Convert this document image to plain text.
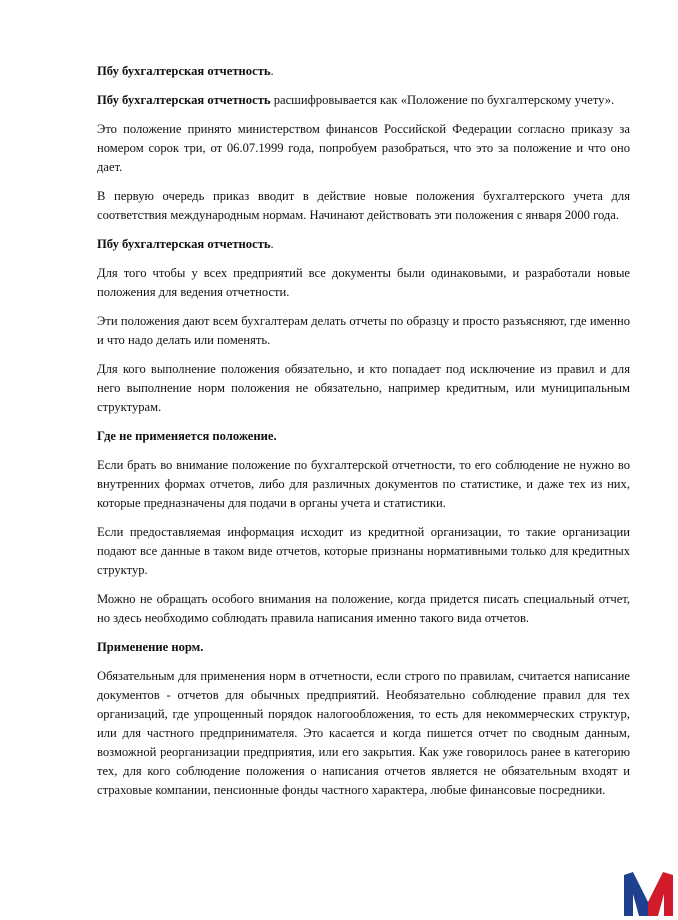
Пбу бухгалтерская отчетность.

Пбу бухгалтерская отчетность расшифровывается как «Положение по бухгалтерскому учету».

Это положение принято министерством финансов Российской Федерации согласно приказу за номером сорок три, от 06.07.1999 года, попробуем разобраться, что это за положение и что оно дает.

В первую очередь приказ вводит в действие новые положения бухгалтерского учета для соответствия международным нормам. Начинают действовать эти положения с января 2000 года.

Пбу бухгалтерская отчетность.

Для того чтобы у всех предприятий все документы были одинаковыми, и разработали новые положения для ведения отчетности.

Эти положения дают всем бухгалтерам делать отчеты по образцу и просто разъясняют, где именно и что надо делать или поменять.

Для кого выполнение положения обязательно, и кто попадает под исключение из правил и для него выполнение норм положения не обязательно, например кредитным, или муниципальным структурам.

Где не применяется положение.

Если брать во внимание положение по бухгалтерской отчетности, то его соблюдение не нужно во внутренних формах отчетов, либо для различных документов по статистике, и даже тех из них, которые предназначены для подачи в органы учета и статистики.

Если предоставляемая информация исходит из кредитной организации, то такие организации подают все данные в таком виде отчетов, которые признаны нормативными только для кредитных структур.

Можно не обращать особого внимания на положение, когда придется писать специальный отчет, но здесь необходимо соблюдать правила написания именно такого вида отчетов.

Применение норм.

Обязательным для применения норм в отчетности, если строго по правилам, считается написание документов - отчетов для обычных предприятий. Необязательно соблюдение правил для тех организаций, где упрощенный порядок налогообложения, то есть для некоммерческих структур, или для частного предпринимателя. Это касается и когда пишется отчет по сводным данным, возможной реорганизации предприятия, или его закрытия. Как уже говорилось ранее в категорию тех, для кого соблюдение положения о написания отчетов является не обязательным входят и страховые компании, пенсионные фонды частного характера, любые финансовые посредники.
